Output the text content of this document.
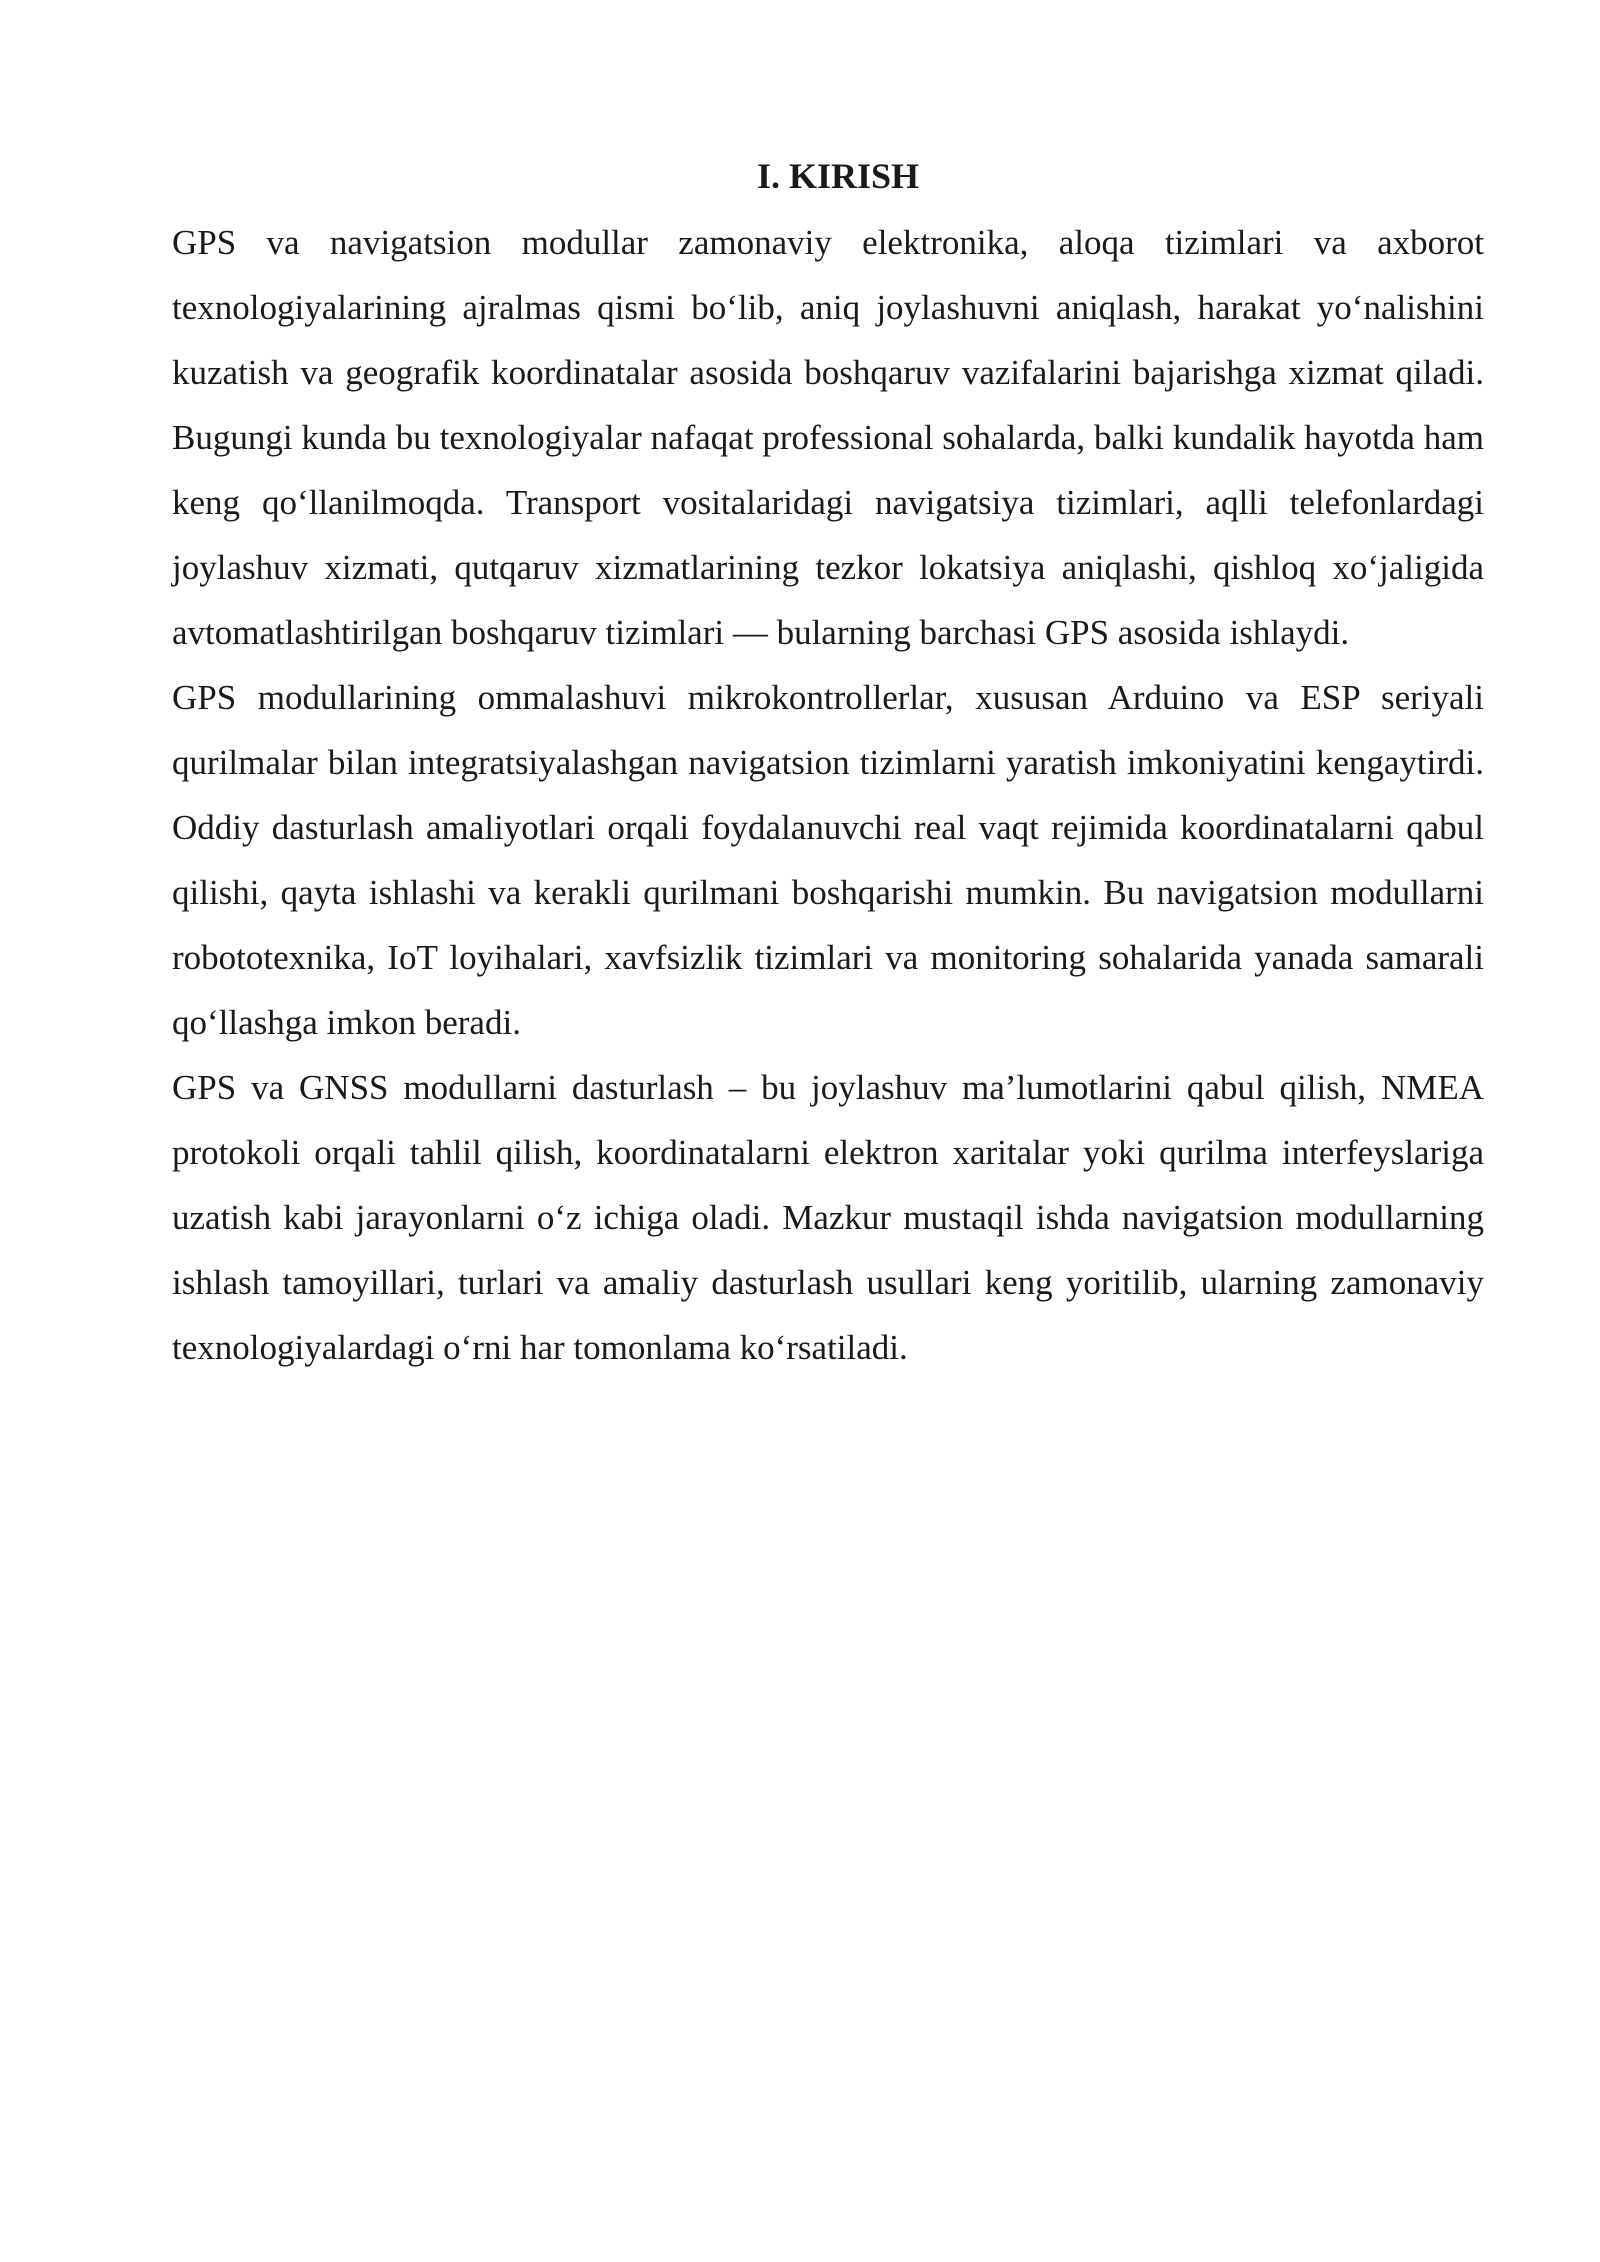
I. KIRISH

GPS va navigatsion modullar zamonaviy elektronika, aloqa tizimlari va axborot texnologiyalarining ajralmas qismi bo‘lib, aniq joylashuvni aniqlash, harakat yo‘nalishini kuzatish va geografik koordinatalar asosida boshqaruv vazifalarini bajarishga xizmat qiladi. Bugungi kunda bu texnologiyalar nafaqat professional sohalarda, balki kundalik hayotda ham keng qo‘llanilmoqda. Transport vositalaridagi navigatsiya tizimlari, aqlli telefonlardagi joylashuv xizmati, qutqaruv xizmatlarining tezkor lokatsiya aniqlashi, qishloq xo‘jaligida avtomatlashtirilgan boshqaruv tizimlari — bularning barchasi GPS asosida ishlaydi.

GPS modullarining ommalashuvi mikrokontrollerlar, xususan Arduino va ESP seriyali qurilmalar bilan integratsiyalashgan navigatsion tizimlarni yaratish imkoniyatini kengaytirdi. Oddiy dasturlash amaliyotlari orqali foydalanuvchi real vaqt rejimida koordinatalarni qabul qilishi, qayta ishlashi va kerakli qurilmani boshqarishi mumkin. Bu navigatsion modullarni robototexnika, IoT loyihalari, xavfsizlik tizimlari va monitoring sohalarida yanada samarali qo‘llashga imkon beradi.

GPS va GNSS modullarni dasturlash – bu joylashuv ma’lumotlarini qabul qilish, NMEA protokoli orqali tahlil qilish, koordinatalarni elektron xaritalar yoki qurilma interfeyslariga uzatish kabi jarayonlarni o‘z ichiga oladi. Mazkur mustaqil ishda navigatsion modullarning ishlash tamoyillari, turlari va amaliy dasturlash usullari keng yoritilib, ularning zamonaviy texnologiyalardagi o‘rni har tomonlama ko‘rsatiladi.
